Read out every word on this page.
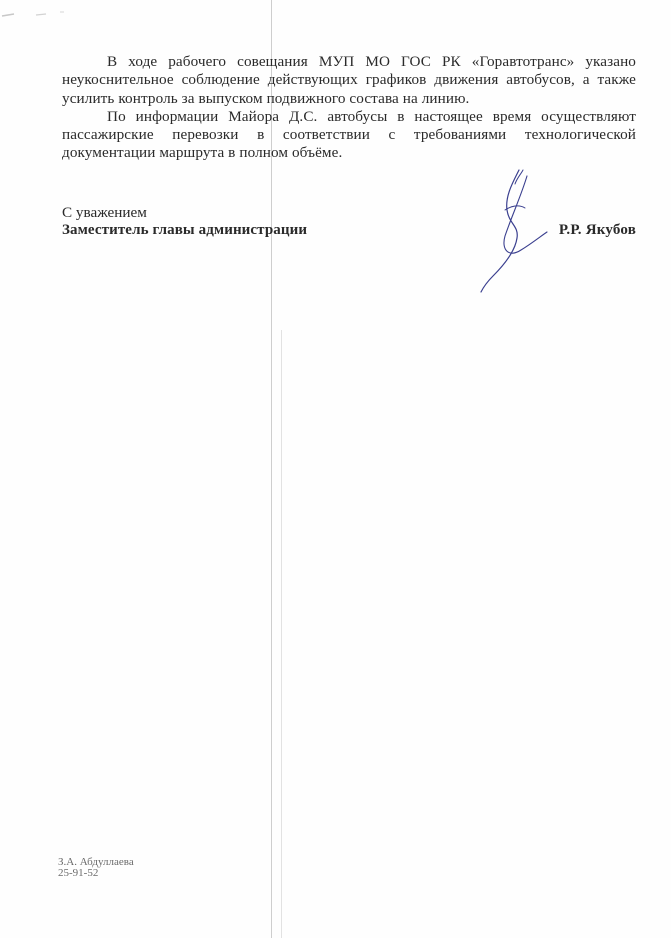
В ходе рабочего совещания МУП МО ГОС РК «Горавтотранс» указано неукоснительное соблюдение действующих графиков движения автобусов, а также усилить контроль за выпуском подвижного состава на линию.

По информации Майора Д.С. автобусы в настоящее время осуществляют пассажирские перевозки в соответствии с требованиями технологической документации маршрута в полном объёме.

С уважением
Заместитель главы администрации	Р.Р. Якубов
З.А. Абдуллаева
25-91-52
